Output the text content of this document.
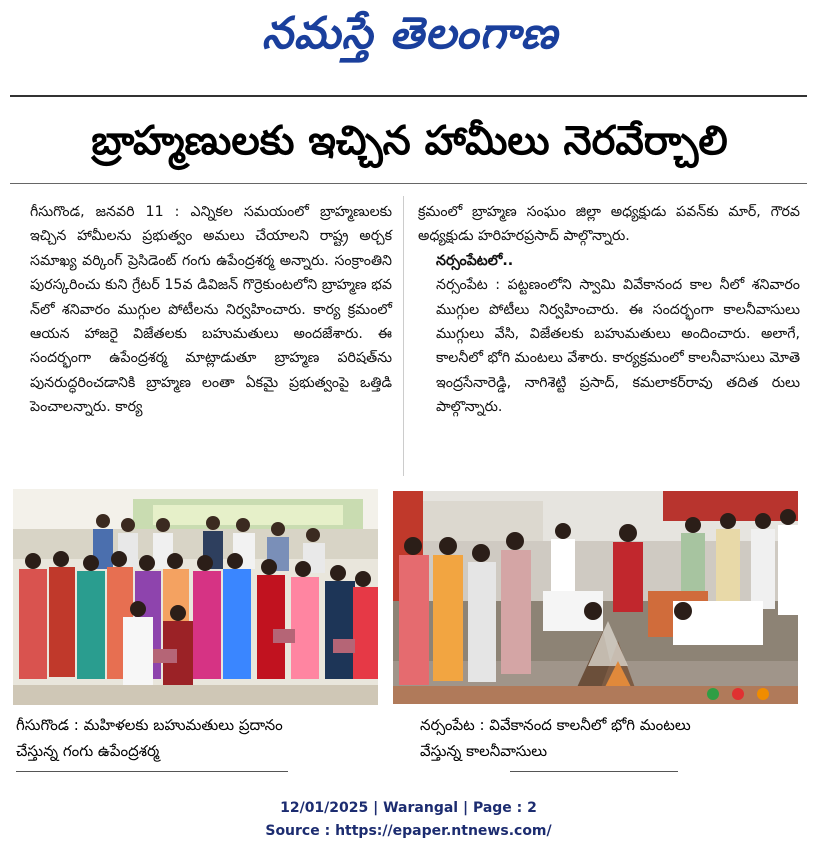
నమస్తే తెలంగాణ
బ్రాహ్మణులకు ఇచ్చిన హామీలు నెరవేర్చాలి

గీసుగొండ, జనవరి 11 : ఎన్నికల సమయంలో బ్రాహ్మణులకు ఇచ్చిన హామీలను ప్రభుత్వం అమలు చేయాలని రాష్ట్ర అర్చక సమాఖ్య వర్కింగ్ ప్రెసిడెంట్ గంగు ఉపేంద్రశర్మ అన్నారు. సంక్రాంతిని పురస్కరించు కుని గ్రేటర్ 15వ డివిజన్ గొర్రెకుంటలోని బ్రాహ్మణ భవ న్‌లో శనివారం ముగ్గుల పోటీలను నిర్వహించారు. కార్య క్రమంలో ఆయన హాజరై విజేతలకు బహుమతులు అందజేశారు. ఈ సందర్భంగా ఉపేంద్రశర్మ మాట్లాడుతూ బ్రాహ్మణ పరిషత్‌ను పునరుద్ధరించడానికి బ్రాహ్మణ లంతా ఏకమై ప్రభుత్వంపై ఒత్తిడి పెంచాలన్నారు. కార్య

క్రమంలో బ్రాహ్మణ సంఘం జిల్లా అధ్యక్షుడు పవన్‌కు మార్, గౌరవ అధ్యక్షుడు హరిహరప్రసాద్ పాల్గొన్నారు.

నర్సంపేటలో..

నర్సంపేట : పట్టణంలోని స్వామి వివేకానంద కాల నీలో శనివారం ముగ్గుల పోటీలు నిర్వహించారు. ఈ సందర్భంగా కాలనీవాసులు ముగ్గులు వేసి, విజేతలకు బహుమతులు అందించారు. అలాగే, కాలనీలో భోగి మంటలు వేశారు. కార్యక్రమంలో కాలనీవాసులు మోతె ఇంద్రసేనారెడ్డి, నాగిశెట్టి ప్రసాద్, కమలాకర్‌రావు తదిత రులు పాల్గొన్నారు.

గీసుగొండ : మహిళలకు బహుమతులు ప్రదానం
చేస్తున్న గంగు ఉపేంద్రశర్మ
నర్సంపేట : వివేకానంద కాలనీలో భోగి మంటలు
వేస్తున్న కాలనీవాసులు
12/01/2025 | Warangal | Page : 2
Source : https://epaper.ntnews.com/
